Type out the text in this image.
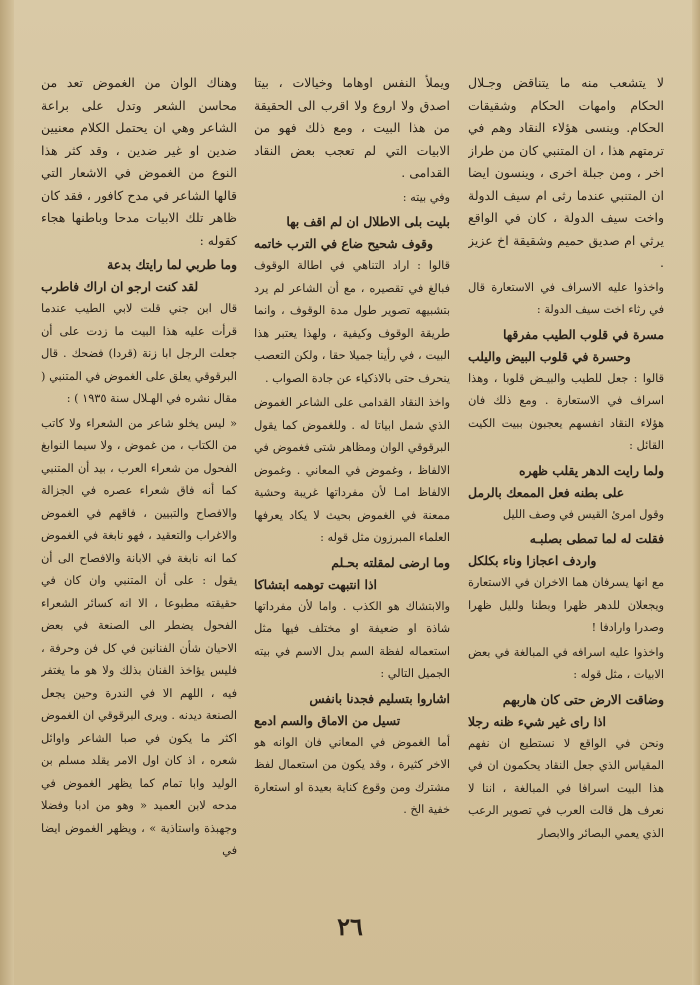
لا يتشعب منه ما يتناقض وجـلال الحكام وامهات الحكام وشقيقات الحكام. وينسى هؤلاء النقاد وهم في ترمتهم هذا ، ان المتنبي كان من طراز اخر ، ومن جبلة اخرى ، وينسون ايضا ان المتنبي عندما رثى ام سيف الدولة واخت سيف الدولة ، كان في الواقع يرثي ام صديق حميم وشقيقة اخ عزيز .

واخذوا عليه الاسراف في الاستعارة قال في رثاء اخت سيف الدولة :

مسرة في قلوب الطيب مفرقها

وحسرة في قلوب البيض واليلب

قالوا : جعل للطيب والبيـض قلوبا ، وهذا اسراف في الاستعارة . ومع ذلك فان هؤلاء النقاد انفسهم يعجبون ببيت الكيت القائل :

ولما رايت الدهر يقلب ظهره

على بطنه فعل الممعك بالرمل

وقول امرئ القيس في وصف الليل

فقلت له لما تمطى بصلبـه

واردف اعجازا وناء بكلكل

مع انها يسرفان هما الاخران في الاستعارة ويجعلان للدهر ظهرا وبطنا ولليل ظهرا وصدرا وارادفا !

واخذوا عليه اسرافه في المبالغة في بعض الابيات ، مثل قوله :

وضاقت الارض حتى كان هاربهم

اذا راى غير شيء ظنه رجلا

ونحن في الواقع لا نستطيع ان نفهم المقياس الذي جعل النقاد يحكمون ان في هذا البيت اسرافا في المبالغة ، اننا لا نعرف هل قالت العرب في تصوير الرعب الذي يعمي البصائر والابصار

ويملأ النفس اوهاما وخيالات ، بيتا اصدق ولا اروع ولا اقرب الى الحقيقة من هذا البيت ، ومع ذلك فهو من الابيات التي لم تعجب بعض النقاد القدامى .

وفي بيته :

بليت بلى الاطلال ان لم اقف بها

وقوف شحيح ضاع في الترب خاتمه

قالوا : اراد التناهي في اطالة الوقوف فبالغ في تقصيره ، مع أن الشاعر لم يرد بتشبيهه تصوير طول مدة الوقوف ، وانما طريقة الوقوف وكيفية ، ولهذا يعتبر هذا البيت ، في رأينا جميلا حقا ، ولكن التعصب ينحرف حتى بالاذكياء عن جادة الصواب .

واخذ النقاد القدامى على الشاعر الغموض الذي شمل ابياتا له . وللغموض كما يقول البرقوقي الوان ومظاهر شتى فغموض في الالفاظ ، وغموض في المعاني . وغموض الالفاظ امـا لأن مفرداتها غريبة وحشية ممعنة في الغموض بحيث لا يكاد يعرفها العلماء المبرزون مثل قوله :

وما ارضى لمقلته بحـلم

اذا انتبهت توهمه ابتشاكا

والابتشاك هو الكذب . واما لأن مفرداتها شاذة او ضعيفة او مختلف فيها مثل استعماله لفظة السم بدل الاسم في بيته الجميل التالي :

اشاروا بتسليم فجدنا بانفس

تسيل من الاماق والسم ادمع

أما الغموض في المعاني فان الوانه هو الاخر كثيرة ، وقد يكون من استعمال لفظ مشترك ومن وقوع كناية بعيدة او استعارة خفية الخ .

وهناك الوان من الغموض تعد من محاسن الشعر وتدل على براعة الشاعر وهي ان يحتمل الكلام معنيين ضدين او غير ضدين ، وقد كثر هذا النوع من الغموض في الاشعار التي قالها الشاعر في مدح كافور ، فقد كان ظاهر تلك الابيات مدحا وباطنها هجاء كقوله :

وما طربي لما رايتك بدعة

لقد كنت ارجو ان اراك فاطرب

قال ابن جني قلت لابي الطيب عندما قرأت عليه هذا البيت ما زدت على أن جعلت الرجل ابا زنة (قردا) فضحك . قال البرقوقي يعلق على الغموض في المتنبي ( مقال نشره في الهـلال سنة ١٩٣٥ ) :

« ليس يخلو شاعر من الشعراء ولا كاتب من الكتاب ، من غموض ، ولا سيما النوابغ الفحول من شعراء العرب ، بيد أن المتنبي كما أنه فاق شعراء عصره في الجزالة والافصاح والتبيين ، فاقهم في الغموض والاغراب والتعقيد ، فهو نابغة في الغموض كما انه نابغة في الابانة والافصاح الى أن يقول : على أن المتنبي وان كان في حقيقته مطبوعا ، الا انه كسائر الشعراء الفحول يضطر الى الصنعة في بعض الاحيان شأن الفنانين في كل فن وحرفة ، فليس يؤاخذ الفنان بذلك ولا هو ما يغتفر فيه ، اللهم الا في الندرة وحين يجعل الصنعة ديدنه . ويرى البرقوقي ان الغموض اكثر ما يكون في صبا الشاعر واوائل شعره ، اذ كان اول الامر يقلد مسلم بن الوليد وابا تمام كما يظهر الغموض في مدحه لابن العميد « وهو من ادبا وفضلا وجهبذة واستاذية » ، ويظهر الغموض ايضا في

٢٦
